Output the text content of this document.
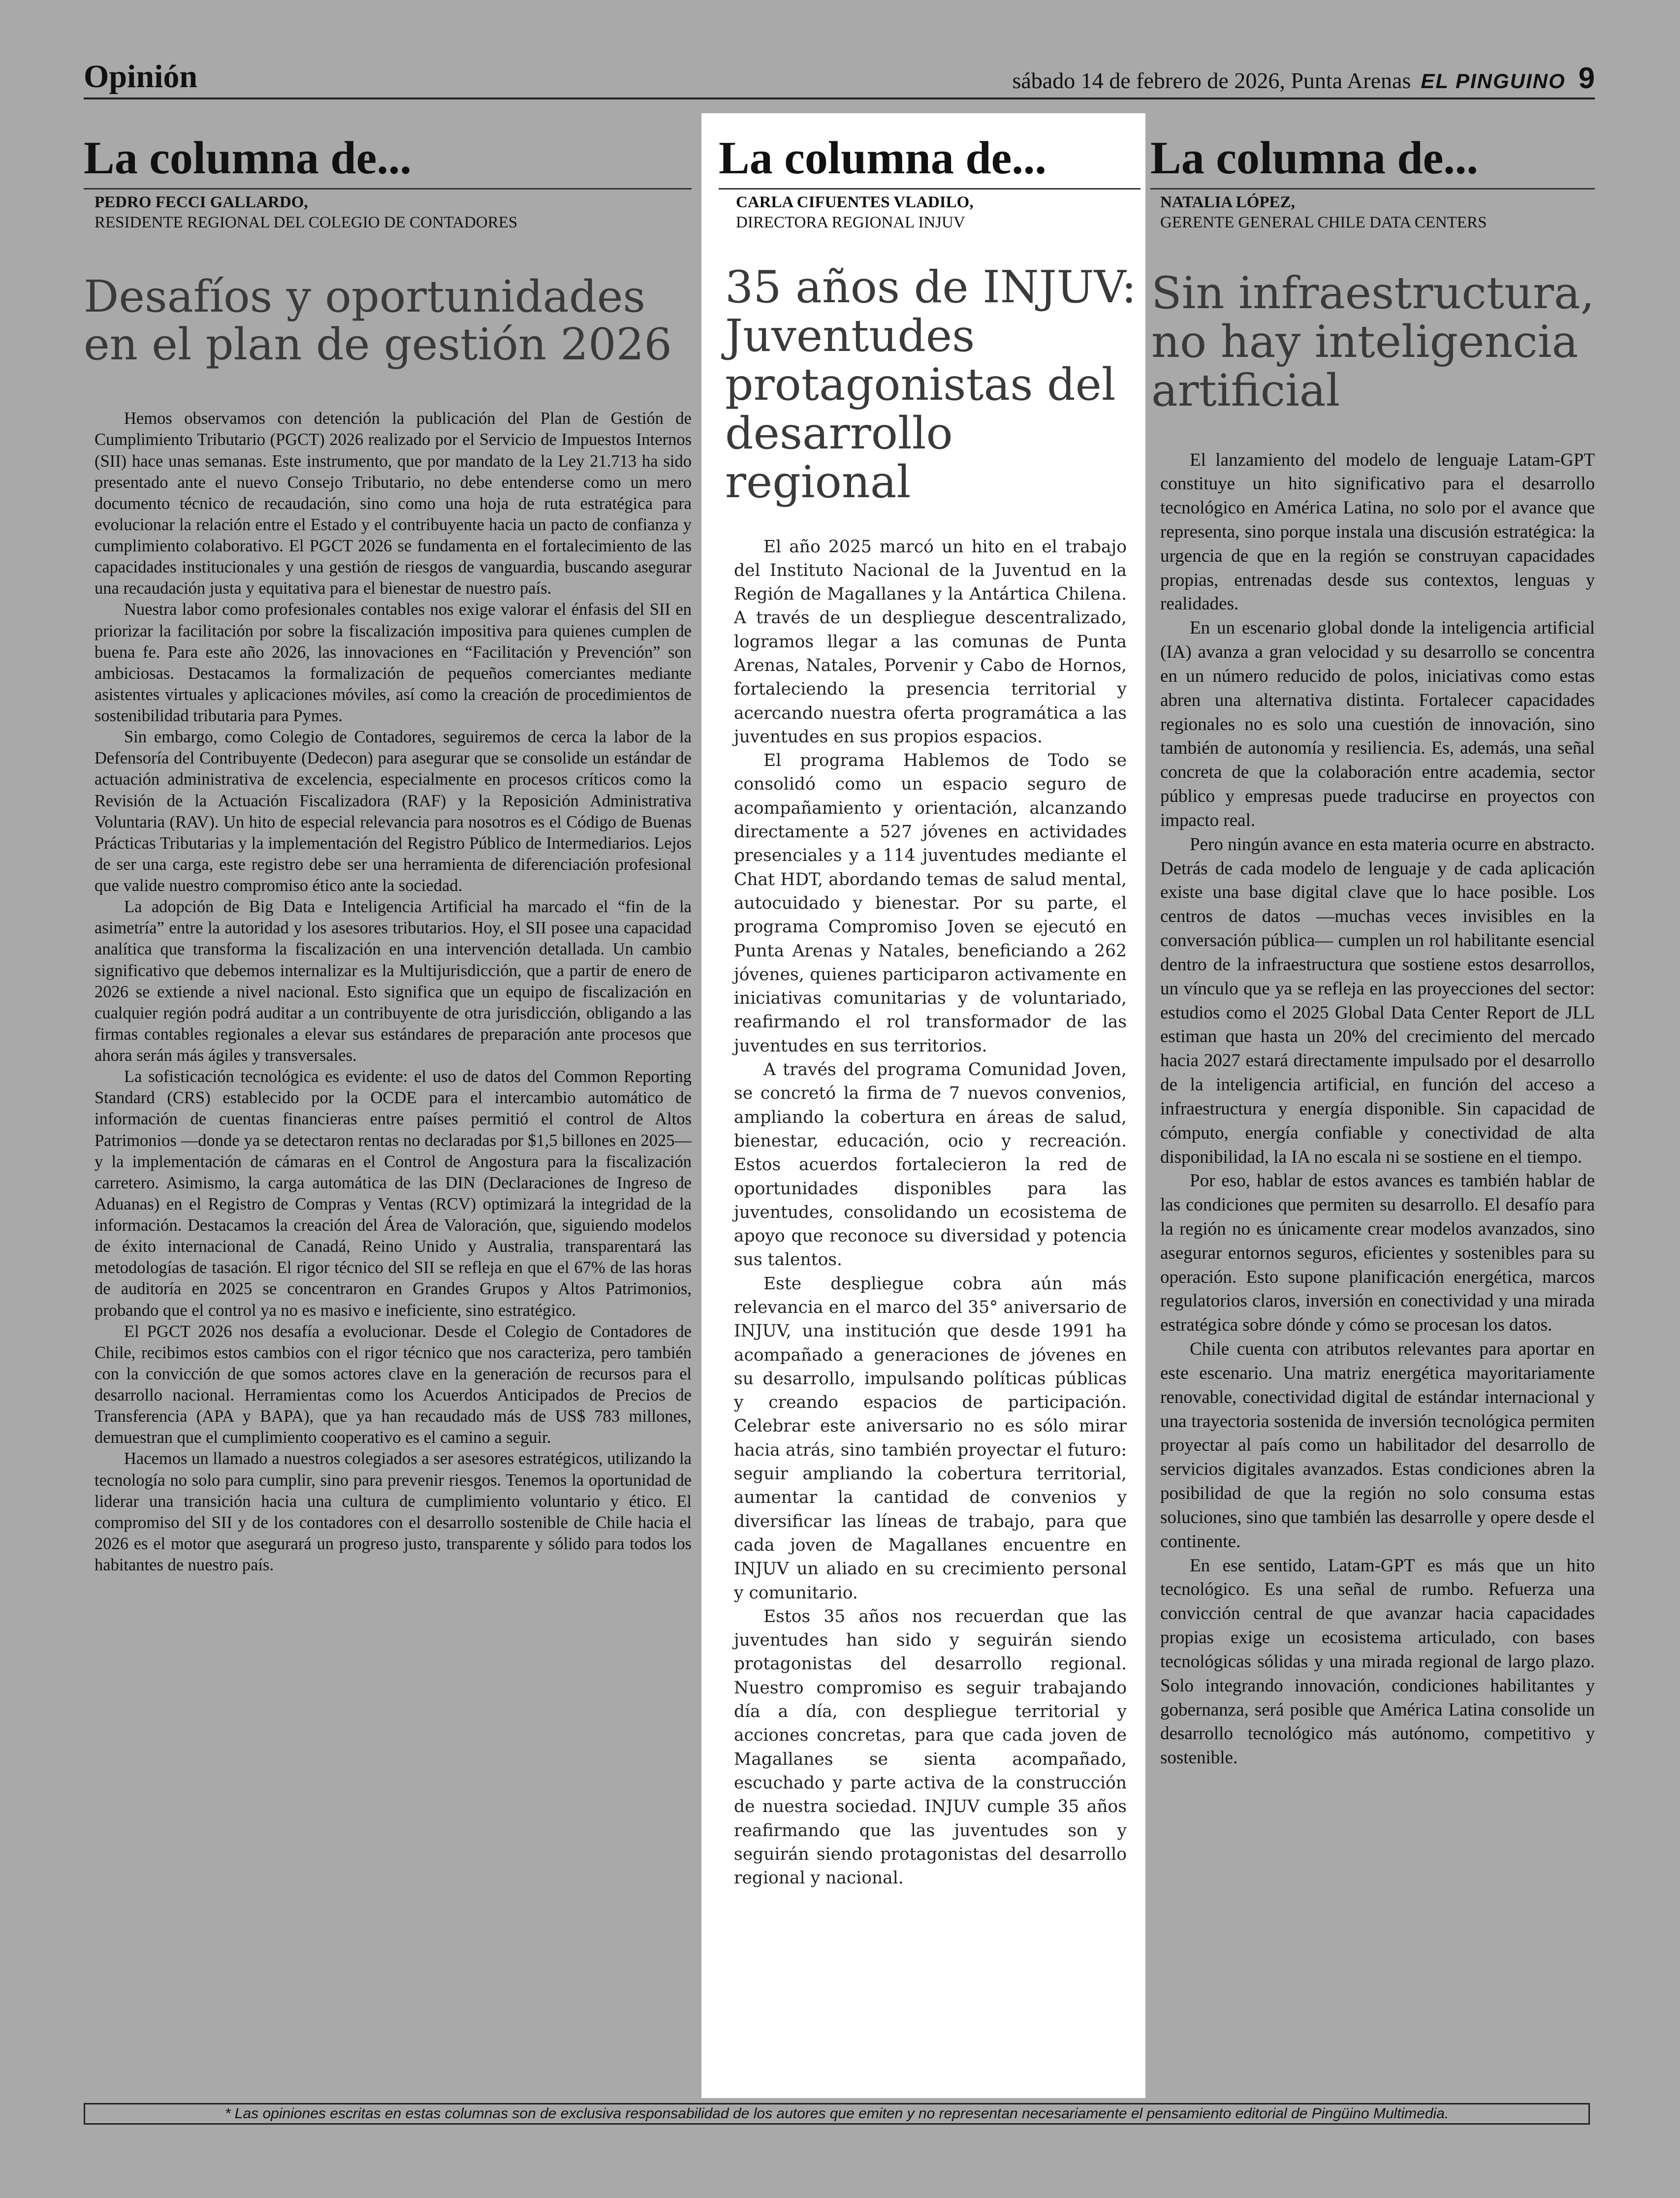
Opinión	sábado 14 de febrero de 2026, Punta Arenas EL PINGUINO 9
La columna de...
PEDRO FECCI GALLARDO,
RESIDENTE REGIONAL DEL COLEGIO DE CONTADORES
Desafíos y oportunidades en el plan de gestión 2026

Hemos observamos con detención la publicación del Plan de Gestión de Cumplimiento Tributario (PGCT) 2026 realizado por el Servicio de Impuestos Internos (SII) hace unas semanas. Este instrumento, que por mandato de la Ley 21.713 ha sido presentado ante el nuevo Consejo Tributario, no debe entenderse como un mero documento técnico de recaudación, sino como una hoja de ruta estratégica para evolucionar la relación entre el Estado y el contribuyente hacia un pacto de confianza y cumplimiento colaborativo. El PGCT 2026 se fundamenta en el fortalecimiento de las capacidades institucionales y una gestión de riesgos de vanguardia, buscando asegurar una recaudación justa y equitativa para el bienestar de nuestro país.

Nuestra labor como profesionales contables nos exige valorar el énfasis del SII en priorizar la facilitación por sobre la fiscalización impositiva para quienes cumplen de buena fe. Para este año 2026, las innovaciones en “Facilitación y Prevención” son ambiciosas. Destacamos la formalización de pequeños comerciantes mediante asistentes virtuales y aplicaciones móviles, así como la creación de procedimientos de sostenibilidad tributaria para Pymes.

Sin embargo, como Colegio de Contadores, seguiremos de cerca la labor de la Defensoría del Contribuyente (Dedecon) para asegurar que se consolide un estándar de actuación administrativa de excelencia, especialmente en procesos críticos como la Revisión de la Actuación Fiscalizadora (RAF) y la Reposición Administrativa Voluntaria (RAV). Un hito de especial relevancia para nosotros es el Código de Buenas Prácticas Tributarias y la implementación del Registro Público de Intermediarios. Lejos de ser una carga, este registro debe ser una herramienta de diferenciación profesional que valide nuestro compromiso ético ante la sociedad.

La adopción de Big Data e Inteligencia Artificial ha marcado el “fin de la asimetría” entre la autoridad y los asesores tributarios. Hoy, el SII posee una capacidad analítica que transforma la fiscalización en una intervención detallada. Un cambio significativo que debemos internalizar es la Multijurisdicción, que a partir de enero de 2026 se extiende a nivel nacional. Esto significa que un equipo de fiscalización en cualquier región podrá auditar a un contribuyente de otra jurisdicción, obligando a las firmas contables regionales a elevar sus estándares de preparación ante procesos que ahora serán más ágiles y transversales.

La sofisticación tecnológica es evidente: el uso de datos del Common Reporting Standard (CRS) establecido por la OCDE para el intercambio automático de información de cuentas financieras entre países permitió el control de Altos Patrimonios —donde ya se detectaron rentas no declaradas por $1,5 billones en 2025— y la implementación de cámaras en el Control de Angostura para la fiscalización carretero. Asimismo, la carga automática de las DIN (Declaraciones de Ingreso de Aduanas) en el Registro de Compras y Ventas (RCV) optimizará la integridad de la información. Destacamos la creación del Área de Valoración, que, siguiendo modelos de éxito internacional de Canadá, Reino Unido y Australia, transparentará las metodologías de tasación. El rigor técnico del SII se refleja en que el 67% de las horas de auditoría en 2025 se concentraron en Grandes Grupos y Altos Patrimonios, probando que el control ya no es masivo e ineficiente, sino estratégico.

El PGCT 2026 nos desafía a evolucionar. Desde el Colegio de Contadores de Chile, recibimos estos cambios con el rigor técnico que nos caracteriza, pero también con la convicción de que somos actores clave en la generación de recursos para el desarrollo nacional. Herramientas como los Acuerdos Anticipados de Precios de Transferencia (APA y BAPA), que ya han recaudado más de US$ 783 millones, demuestran que el cumplimiento cooperativo es el camino a seguir.

Hacemos un llamado a nuestros colegiados a ser asesores estratégicos, utilizando la tecnología no solo para cumplir, sino para prevenir riesgos. Tenemos la oportunidad de liderar una transición hacia una cultura de cumplimiento voluntario y ético. El compromiso del SII y de los contadores con el desarrollo sostenible de Chile hacia el 2026 es el motor que asegurará un progreso justo, transparente y sólido para todos los habitantes de nuestro país.

La columna de...
CARLA CIFUENTES VLADILO,
DIRECTORA REGIONAL INJUV
35 años de INJUV: Juventudes protagonistas del desarrollo regional

El año 2025 marcó un hito en el trabajo del Instituto Nacional de la Juventud en la Región de Magallanes y la Antártica Chilena. A través de un despliegue descentralizado, logramos llegar a las comunas de Punta Arenas, Natales, Porvenir y Cabo de Hornos, fortaleciendo la presencia territorial y acercando nuestra oferta programática a las juventudes en sus propios espacios.

El programa Hablemos de Todo se consolidó como un espacio seguro de acompañamiento y orientación, alcanzando directamente a 527 jóvenes en actividades presenciales y a 114 juventudes mediante el Chat HDT, abordando temas de salud mental, autocuidado y bienestar. Por su parte, el programa Compromiso Joven se ejecutó en Punta Arenas y Natales, beneficiando a 262 jóvenes, quienes participaron activamente en iniciativas comunitarias y de voluntariado, reafirmando el rol transformador de las juventudes en sus territorios.

A través del programa Comunidad Joven, se concretó la firma de 7 nuevos convenios, ampliando la cobertura en áreas de salud, bienestar, educación, ocio y recreación. Estos acuerdos fortalecieron la red de oportunidades disponibles para las juventudes, consolidando un ecosistema de apoyo que reconoce su diversidad y potencia sus talentos.

Este despliegue cobra aún más relevancia en el marco del 35° aniversario de INJUV, una institución que desde 1991 ha acompañado a generaciones de jóvenes en su desarrollo, impulsando políticas públicas y creando espacios de participación. Celebrar este aniversario no es sólo mirar hacia atrás, sino también proyectar el futuro: seguir ampliando la cobertura territorial, aumentar la cantidad de convenios y diversificar las líneas de trabajo, para que cada joven de Magallanes encuentre en INJUV un aliado en su crecimiento personal y comunitario.

Estos 35 años nos recuerdan que las juventudes han sido y seguirán siendo protagonistas del desarrollo regional. Nuestro compromiso es seguir trabajando día a día, con despliegue territorial y acciones concretas, para que cada joven de Magallanes se sienta acompañado, escuchado y parte activa de la construcción de nuestra sociedad. INJUV cumple 35 años reafirmando que las juventudes son y seguirán siendo protagonistas del desarrollo regional y nacional.

La columna de...
NATALIA LÓPEZ,
GERENTE GENERAL CHILE DATA CENTERS
Sin infraestructura, no hay inteligencia artificial

El lanzamiento del modelo de lenguaje Latam-GPT constituye un hito significativo para el desarrollo tecnológico en América Latina, no solo por el avance que representa, sino porque instala una discusión estratégica: la urgencia de que en la región se construyan capacidades propias, entrenadas desde sus contextos, lenguas y realidades.

En un escenario global donde la inteligencia artificial (IA) avanza a gran velocidad y su desarrollo se concentra en un número reducido de polos, iniciativas como estas abren una alternativa distinta. Fortalecer capacidades regionales no es solo una cuestión de innovación, sino también de autonomía y resiliencia. Es, además, una señal concreta de que la colaboración entre academia, sector público y empresas puede traducirse en proyectos con impacto real.

Pero ningún avance en esta materia ocurre en abstracto. Detrás de cada modelo de lenguaje y de cada aplicación existe una base digital clave que lo hace posible. Los centros de datos —muchas veces invisibles en la conversación pública— cumplen un rol habilitante esencial dentro de la infraestructura que sostiene estos desarrollos, un vínculo que ya se refleja en las proyecciones del sector: estudios como el 2025 Global Data Center Report de JLL estiman que hasta un 20% del crecimiento del mercado hacia 2027 estará directamente impulsado por el desarrollo de la inteligencia artificial, en función del acceso a infraestructura y energía disponible. Sin capacidad de cómputo, energía confiable y conectividad de alta disponibilidad, la IA no escala ni se sostiene en el tiempo.

Por eso, hablar de estos avances es también hablar de las condiciones que permiten su desarrollo. El desafío para la región no es únicamente crear modelos avanzados, sino asegurar entornos seguros, eficientes y sostenibles para su operación. Esto supone planificación energética, marcos regulatorios claros, inversión en conectividad y una mirada estratégica sobre dónde y cómo se procesan los datos.

Chile cuenta con atributos relevantes para aportar en este escenario. Una matriz energética mayoritariamente renovable, conectividad digital de estándar internacional y una trayectoria sostenida de inversión tecnológica permiten proyectar al país como un habilitador del desarrollo de servicios digitales avanzados. Estas condiciones abren la posibilidad de que la región no solo consuma estas soluciones, sino que también las desarrolle y opere desde el continente.

En ese sentido, Latam-GPT es más que un hito tecnológico. Es una señal de rumbo. Refuerza una convicción central de que avanzar hacia capacidades propias exige un ecosistema articulado, con bases tecnológicas sólidas y una mirada regional de largo plazo. Solo integrando innovación, condiciones habilitantes y gobernanza, será posible que América Latina consolide un desarrollo tecnológico más autónomo, competitivo y sostenible.

* Las opiniones escritas en estas columnas son de exclusiva responsabilidad de los autores que emiten y no representan necesariamente el pensamiento editorial de Pingüino Multimedia.
